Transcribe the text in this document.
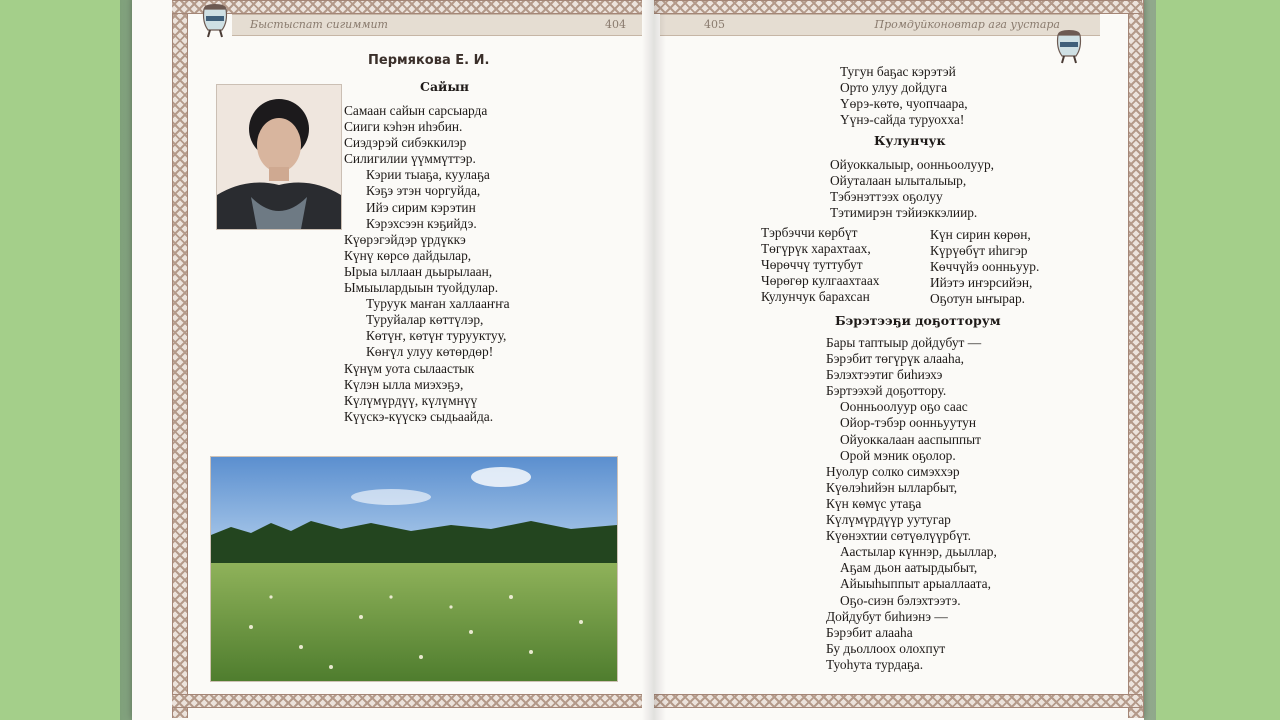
Быстыспат сигиммит	404
Пермякова Е. И.
Сайын
Самаан сайын сарсыарда
Сииги кэһэн иһэбин.
Сиэдэрэй сибэккилэр
Силигилии үүммүттэр.
Кэрии тыаҕа, куулаҕа
Кэҕэ этэн чоргуйда,
Ийэ сирим кэрэтин
Кэрэхсээн кэҕийдэ.
Күөрэгэйдэр үрдүккэ
Күнү көрсө дайдылар,
Ырыа ыллаан дьырылаан,
Ымыылардыын туойдулар.
Туруук маҥан халлааҥҥа
Туруйалар көттүлэр,
Көтүҥ, көтүҥ турууктуу,
Көҥүл улуу көтөрдөр!
Күнүм уота сылаастык
Күлэн ылла миэхэҕэ,
Күлүмүрдүү, күлүмнүү
Күүскэ-күүскэ сыдьаайда.
405	Промдуйконовтар ага уустара
Тугун баҕас кэрэтэй
Орто улуу дойдуга
Үөрэ-көтө, чуопчаара,
Үүнэ-сайда туруохха!
Кулунчук
Ойуоккалыыр, оонньоолуур,
Ойуталаан ылыталыыр,
Тэбэнэттээх оҕолуу
Тэтимирэн тэйиэккэлиир.
Тэрбэччи көрбүт
Төгүрүк харахтаах,
Чөрөччү туттубут
Чөрөгөр кулгаахтаах
Кулунчук барахсан
Күн сирин көрөн,
Күрүөбүт иһигэр
Көччүйэ оонньуур.
Ийэтэ иҥэрсийэн,
Оҕотун ыҥырар.
Бэрэтээҕи доҕотторум
Бары таптыыр дойдубут —
Бэрэбит төгүрүк алааһа,
Бэлэхтээтиг биһиэхэ
Бэртээхэй доҕоттору.
Оонньоолуур оҕо саас
Ойор-тэбэр оонньуутун
Ойуоккалаан ааспыппыт
Орой мэник оҕолор.
Нуолур солко симэххэр
Күөлэһийэн ылларбыт,
Күн көмүс утаҕа
Күлүмүрдүүр уутугар
Күөнэхтии сөтүөлүүрбүт.
Аастылар күннэр, дьыллар,
Аҕам дьон аатырдыбыт,
Айыыһыппыт арыаллаата,
Оҕо-сиэн бэлэхтээтэ.
Дойдубут биһиэнэ —
Бэрэбит алааһа
Бу дьоллоох олохпут
Туоһута турдаҕа.
